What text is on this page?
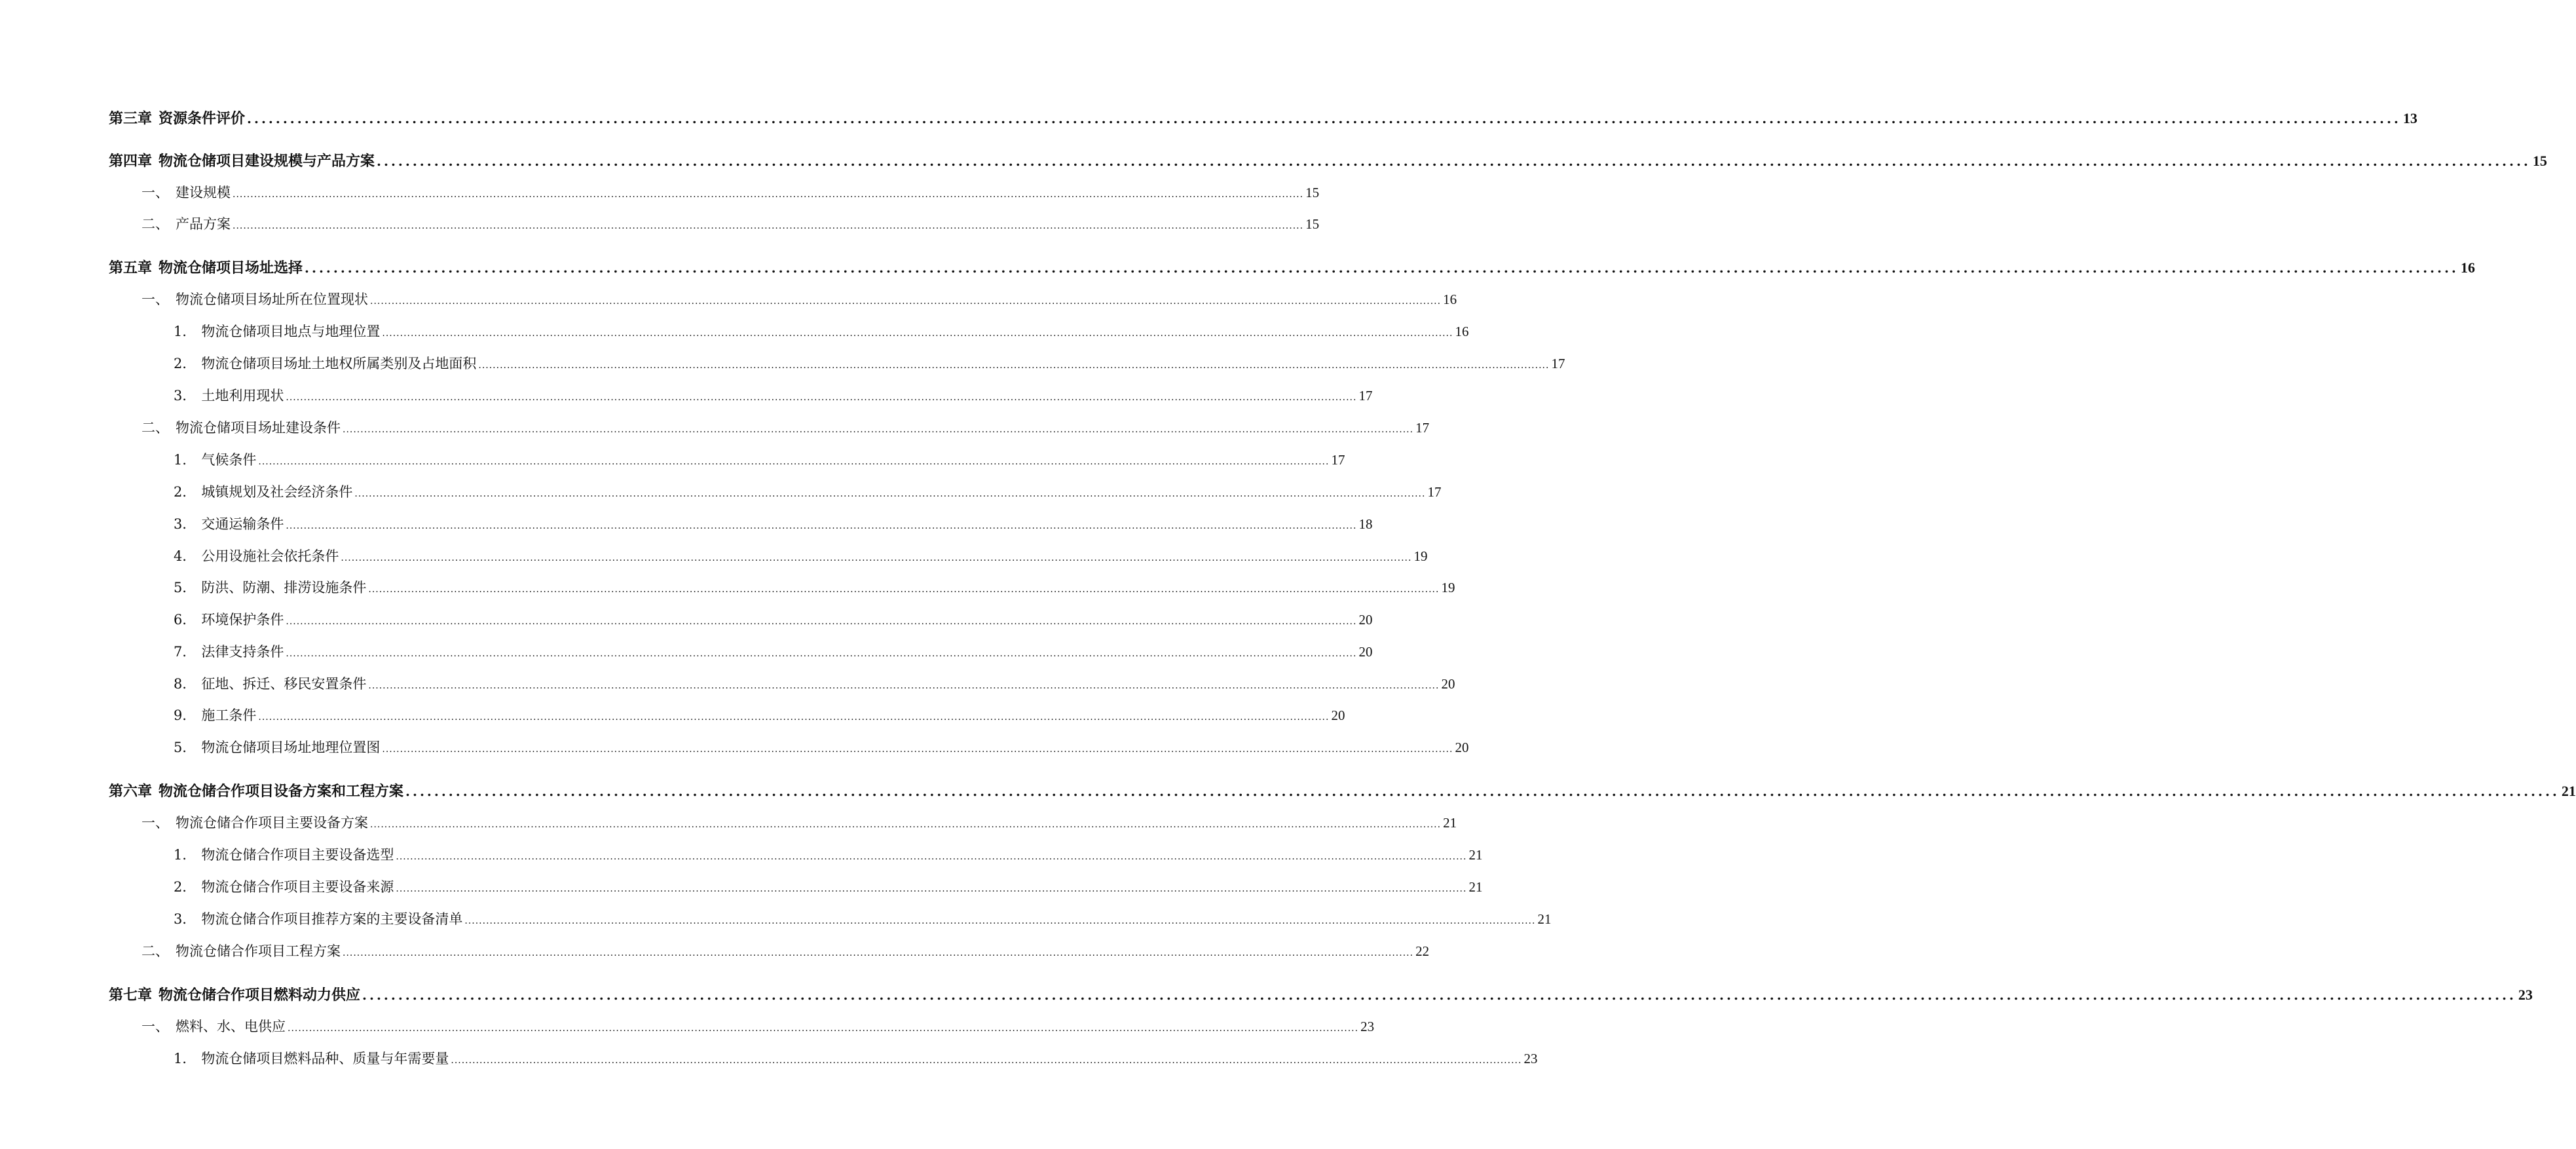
第三章 资源条件评价 ............................................................................................................................................................................................................................................................................................................ 13
第四章 物流仓储项目建设规模与产品方案 ............................................................................................................................................................................................................................................................................................................ 15
一、 建设规模 ............................................................................................................................................................................................................................................................................................................ 15
二、 产品方案 ............................................................................................................................................................................................................................................................................................................ 15
第五章 物流仓储项目场址选择 ............................................................................................................................................................................................................................................................................................................ 16
一、 物流仓储项目场址所在位置现状 ............................................................................................................................................................................................................................................................................................................ 16
1． 物流仓储项目地点与地理位置 ............................................................................................................................................................................................................................................................................................................ 16
2． 物流仓储项目场址土地权所属类别及占地面积 ............................................................................................................................................................................................................................................................................................................ 17
3． 土地利用现状 ............................................................................................................................................................................................................................................................................................................ 17
二、 物流仓储项目场址建设条件 ............................................................................................................................................................................................................................................................................................................ 17
1． 气候条件 ............................................................................................................................................................................................................................................................................................................ 17
2． 城镇规划及社会经济条件 ............................................................................................................................................................................................................................................................................................................ 17
3． 交通运输条件 ............................................................................................................................................................................................................................................................................................................ 18
4． 公用设施社会依托条件 ............................................................................................................................................................................................................................................................................................................ 19
5． 防洪、防潮、排涝设施条件 ............................................................................................................................................................................................................................................................................................................ 19
6． 环境保护条件 ............................................................................................................................................................................................................................................................................................................ 20
7． 法律支持条件 ............................................................................................................................................................................................................................................................................................................ 20
8． 征地、拆迁、移民安置条件 ............................................................................................................................................................................................................................................................................................................ 20
9． 施工条件 ............................................................................................................................................................................................................................................................................................................ 20
5． 物流仓储项目场址地理位置图 ............................................................................................................................................................................................................................................................................................................ 20
第六章 物流仓储合作项目设备方案和工程方案 ............................................................................................................................................................................................................................................................................................................ 21
一、 物流仓储合作项目主要设备方案 ............................................................................................................................................................................................................................................................................................................ 21
1． 物流仓储合作项目主要设备选型 ............................................................................................................................................................................................................................................................................................................ 21
2． 物流仓储合作项目主要设备来源 ............................................................................................................................................................................................................................................................................................................ 21
3． 物流仓储合作项目推荐方案的主要设备清单 ............................................................................................................................................................................................................................................................................................................ 21
二、 物流仓储合作项目工程方案 ............................................................................................................................................................................................................................................................................................................ 22
第七章 物流仓储合作项目燃料动力供应 ............................................................................................................................................................................................................................................................................................................ 23
一、 燃料、水、电供应 ............................................................................................................................................................................................................................................................................................................ 23
1． 物流仓储项目燃料品种、质量与年需要量 ............................................................................................................................................................................................................................................................................................................ 23
